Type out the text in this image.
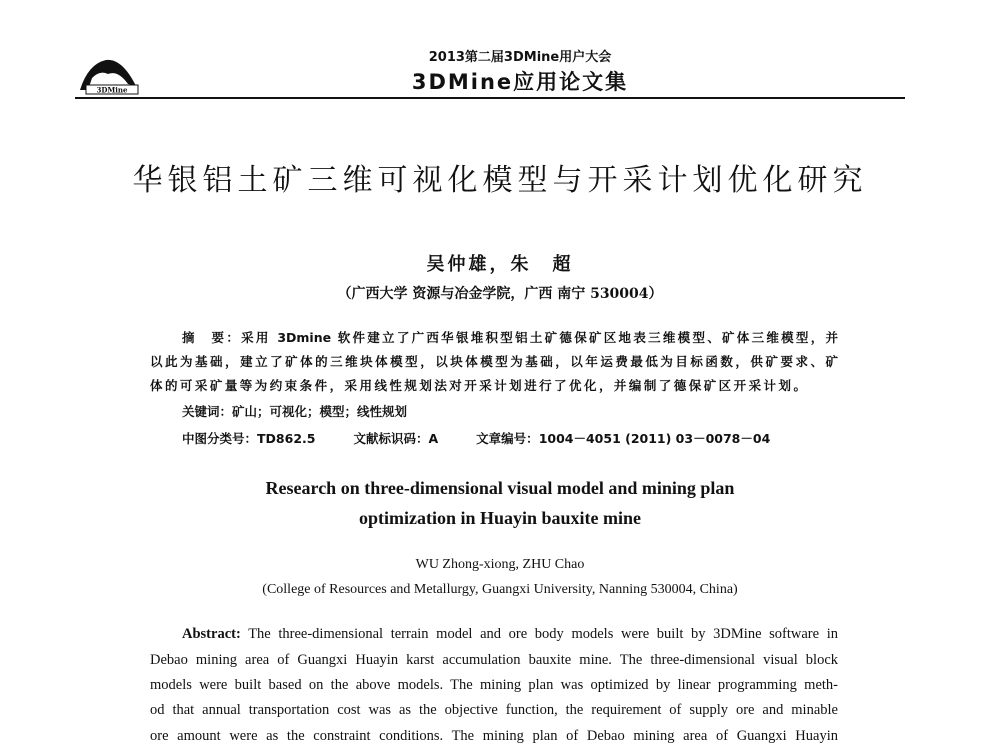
3DMine
2013第二届3DMine用户大会
3DMine应用论文集
华银铝土矿三维可视化模型与开采计划优化研究
吴仲雄，朱　超
（广西大学 资源与冶金学院，广西 南宁 530004）
摘　要：采用 3Dmine 软件建立了广西华银堆积型铝土矿德保矿区地表三维模型、矿体三维模型，并
以此为基础，建立了矿体的三维块体模型，以块体模型为基础，以年运费最低为目标函数，供矿要求、矿
体的可采矿量等为约束条件，采用线性规划法对开采计划进行了优化，并编制了德保矿区开采计划。
关键词：矿山；可视化；模型；线性规划
中图分类号：TD862.5	文献标识码：A	文章编号：1004－4051 (2011) 03－0078－04
Research on three-dimensional visual model and mining plan
optimization in Huayin bauxite mine
WU Zhong-xiong, ZHU Chao
(College of Resources and Metallurgy, Guangxi University, Nanning 530004, China)
Abstract: The three-dimensional terrain model and ore body models were built by 3DMine software in
Debao mining area of Guangxi Huayin karst accumulation bauxite mine. The three-dimensional visual block
models were built based on the above models. The mining plan was optimized by linear programming meth-
od that annual transportation cost was as the objective function, the requirement of supply ore and minable
ore amount were as the constraint conditions. The mining plan of Debao mining area of Guangxi Huayin
